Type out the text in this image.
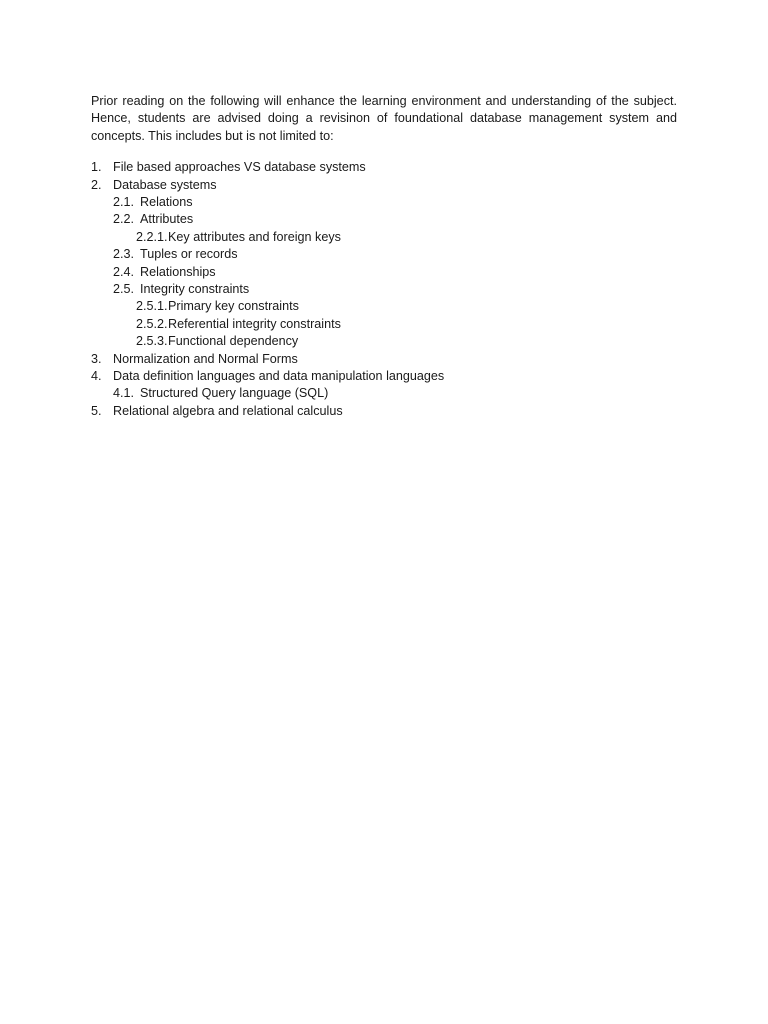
Prior reading on the following will enhance the learning environment and understanding of the subject. Hence, students are advised doing a revisinon of foundational database management system and concepts. This includes but is not limited to:

1. File based approaches VS database systems
2. Database systems
2.1. Relations
2.2. Attributes
2.2.1. Key attributes and foreign keys
2.3. Tuples or records
2.4. Relationships
2.5. Integrity constraints
2.5.1. Primary key constraints
2.5.2. Referential integrity constraints
2.5.3. Functional dependency
3. Normalization and Normal Forms
4. Data definition languages and data manipulation languages
4.1. Structured Query language (SQL)
5. Relational algebra and relational calculus
